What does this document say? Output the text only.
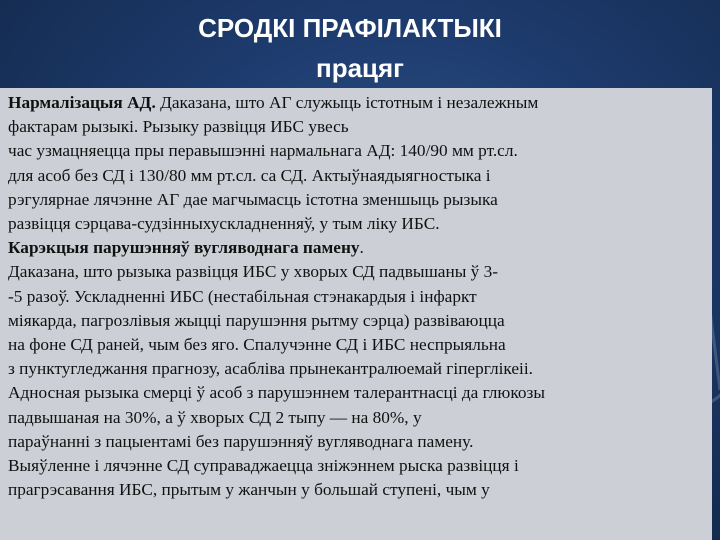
СРОДКІ ПРАФІЛАКТЫКІ
працяг
Нармалізацыя АД. Даказана, што АГ служыць істотным і незалежным
фактарам рызыкі. Рызыку развіцця ИБС увесь
час узмацняецца пры перавышэнні нармальнага АД: 140/90 мм рт.сл.
для асоб без СД і 130/80 мм рт.сл. са СД. Актыўнаядыягностыка і
рэгулярнае лячэнне АГ дае магчымасць істотна зменшыць рызыка
развіцця сэрцава-судзінныхускладненняў, у тым ліку ИБС.
Карэкцыя парушэнняў вугляводнага памену.
Даказана, што рызыка развіцця ИБС у хворых СД падвышаны ў 3-
-5 разоў. Ускладненні ИБС (нестабільная стэнакардыя і інфаркт
міякарда, пагрозлівыя жыцці парушэння рытму сэрца) развіваюцца
на фоне СД раней, чым без яго. Спалучэнне СД і ИБС неспрыяльна
з пунктугледжання прагнозу, асабліва прынекантралюемай гіперглікеіі.
Адносная рызыка смерці ў асоб з парушэннем талерантнасці да глюкозы
падвышаная на 30%, а ў хворых СД 2 тыпу — на 80%, у
параўнанні з пацыентамі без парушэнняў вугляводнага памену.
Выяўленне і лячэнне СД суправаджаецца зніжэннем рыска развіцця і
прагрэсавання ИБС, прытым у жанчын у большай ступені, чым у
